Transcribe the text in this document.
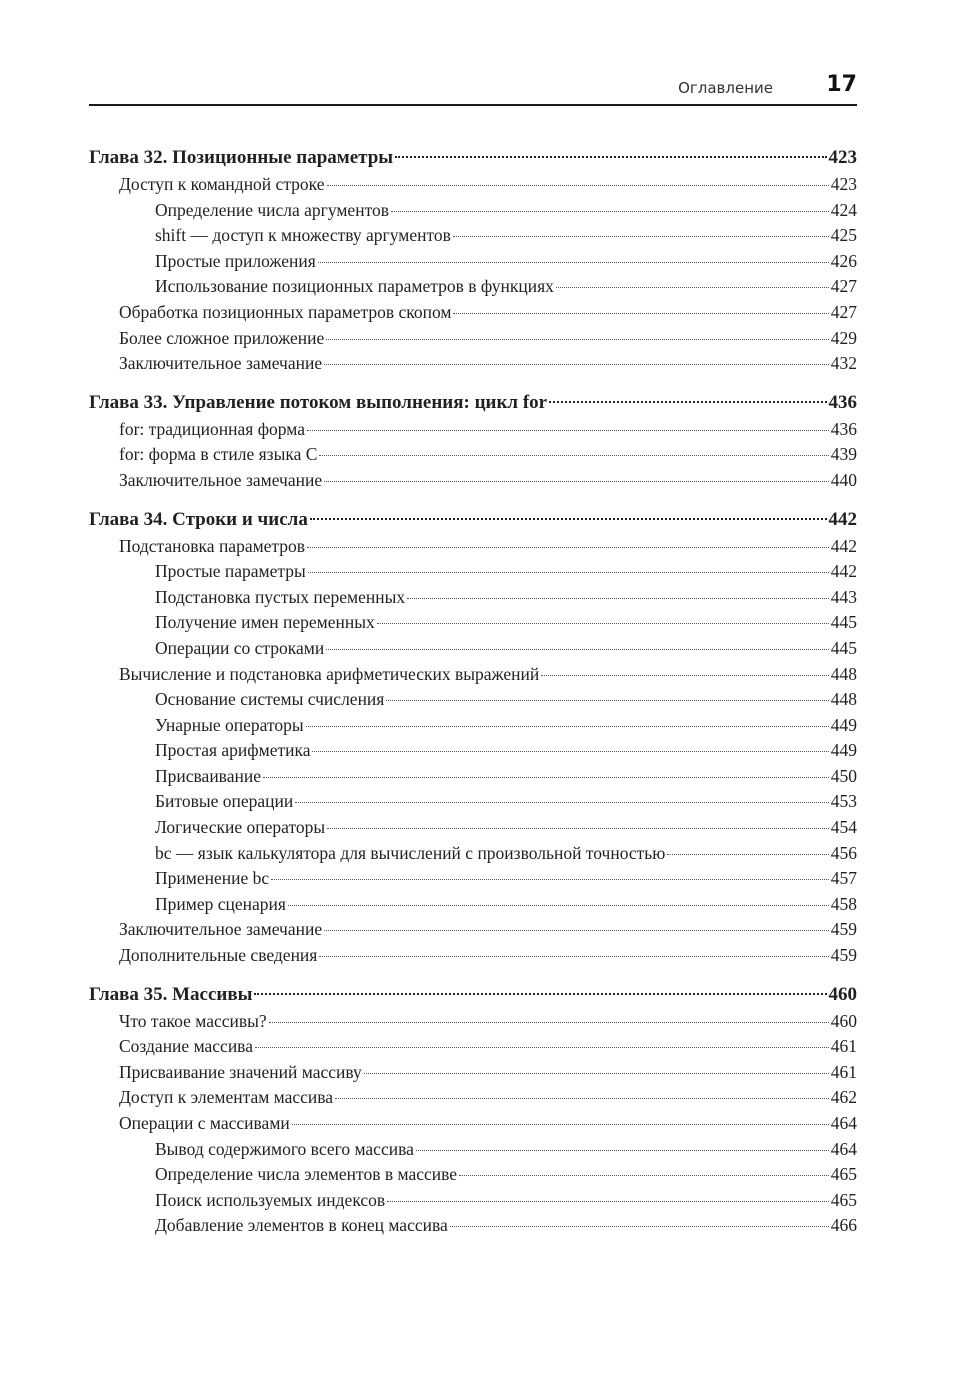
Оглавление 17
Глава 32. Позиционные параметры	423
Доступ к командной строке	423
Определение числа аргументов	424
shift — доступ к множеству аргументов	425
Простые приложения	426
Использование позиционных параметров в функциях	427
Обработка позиционных параметров скопом	427
Более сложное приложение	429
Заключительное замечание	432
Глава 33. Управление потоком выполнения: цикл for	436
for: традиционная форма	436
for: форма в стиле языка C	439
Заключительное замечание	440
Глава 34. Строки и числа	442
Подстановка параметров	442
Простые параметры	442
Подстановка пустых переменных	443
Получение имен переменных	445
Операции со строками	445
Вычисление и подстановка арифметических выражений	448
Основание системы счисления	448
Унарные операторы	449
Простая арифметика	449
Присваивание	450
Битовые операции	453
Логические операторы	454
bc — язык калькулятора для вычислений с произвольной точностью	456
Применение bc	457
Пример сценария	458
Заключительное замечание	459
Дополнительные сведения	459
Глава 35. Массивы	460
Что такое массивы?	460
Создание массива	461
Присваивание значений массиву	461
Доступ к элементам массива	462
Операции с массивами	464
Вывод содержимого всего массива	464
Определение числа элементов в массиве	465
Поиск используемых индексов	465
Добавление элементов в конец массива	466
